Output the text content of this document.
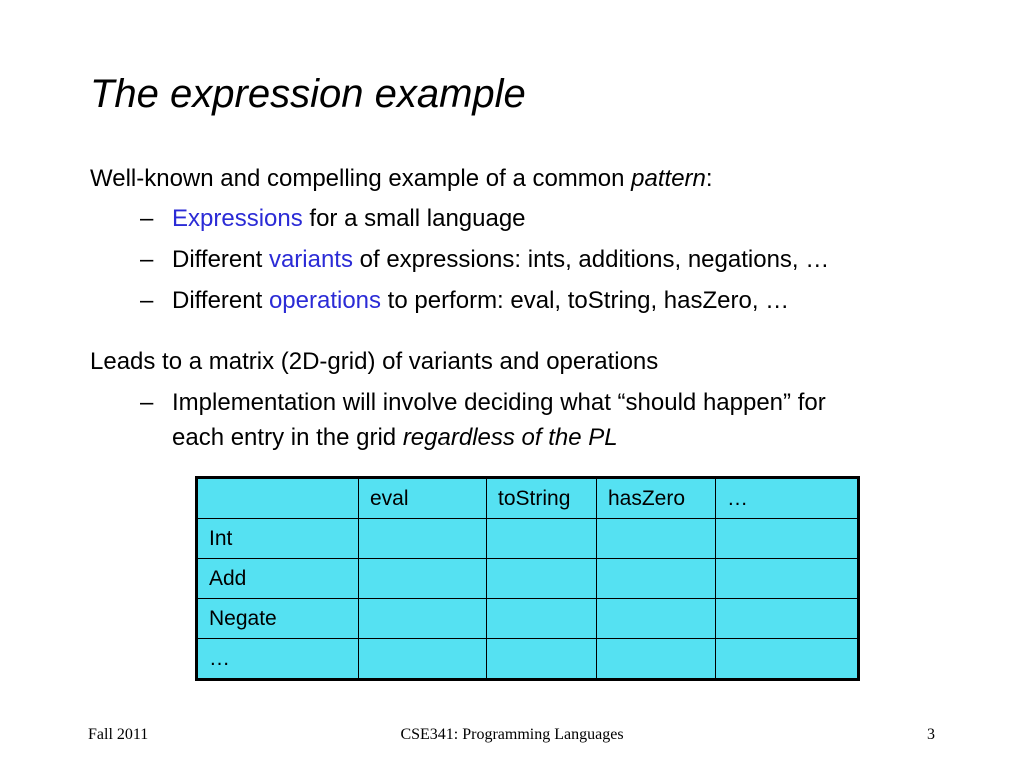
The expression example
Well-known and compelling example of a common pattern:
– Expressions for a small language
– Different variants of expressions: ints, additions, negations, …
– Different operations to perform: eval, toString, hasZero, …
Leads to a matrix (2D-grid) of variants and operations
– Implementation will involve deciding what “should happen” for
each entry in the grid regardless of the PL
	eval	toString	hasZero	…
Int				
Add				
Negate				
…				
Fall 2011	CSE341: Programming Languages	3
